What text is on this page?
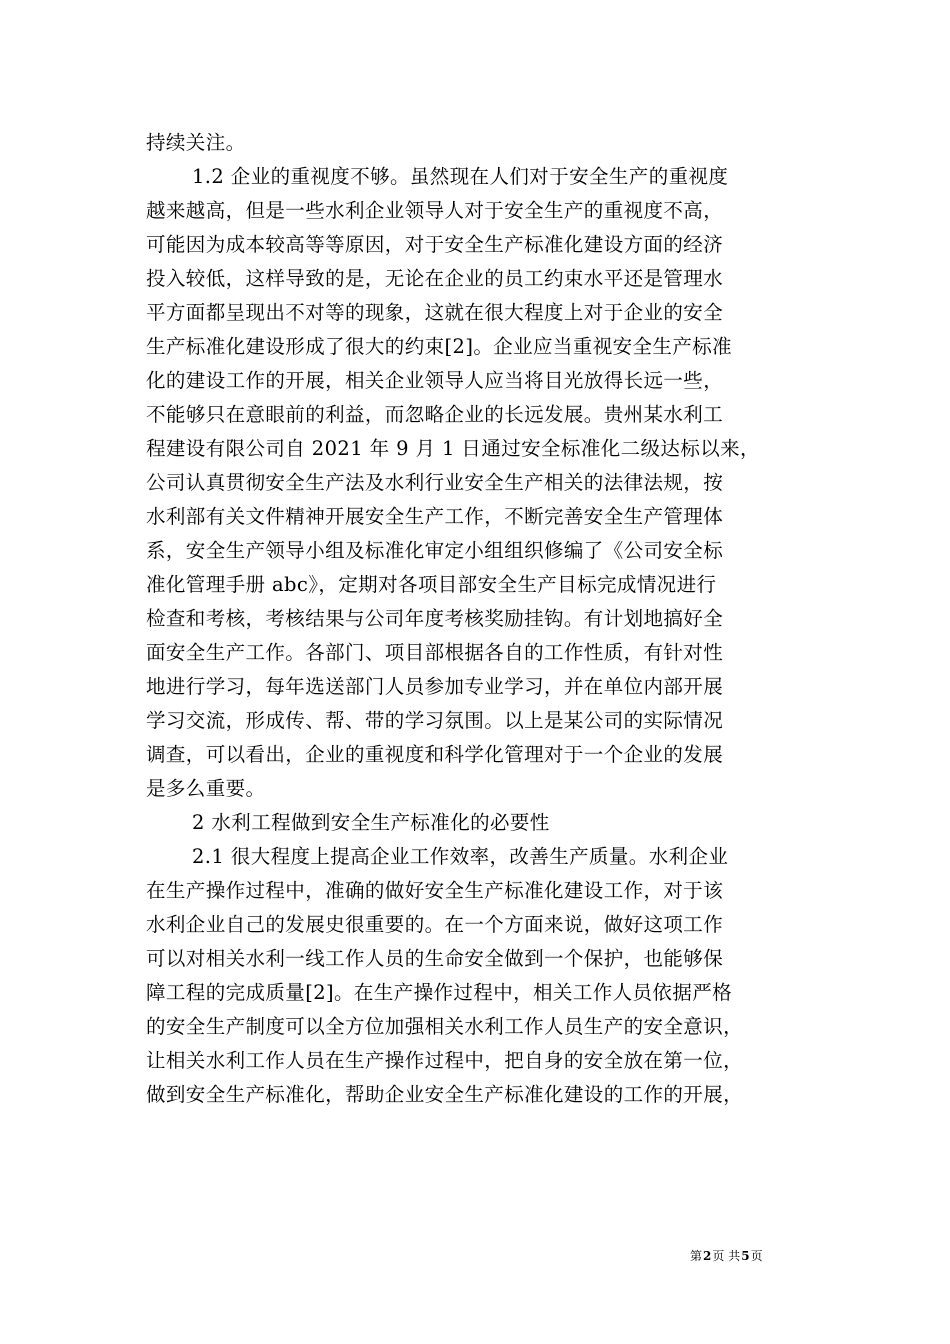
持续关注。
1.2 企业的重视度不够。虽然现在人们对于安全生产的重视度
越来越高，但是一些水利企业领导人对于安全生产的重视度不高，
可能因为成本较高等等原因，对于安全生产标准化建设方面的经济
投入较低，这样导致的是，无论在企业的员工约束水平还是管理水
平方面都呈现出不对等的现象，这就在很大程度上对于企业的安全
生产标准化建设形成了很大的约束[2]。企业应当重视安全生产标准
化的建设工作的开展，相关企业领导人应当将目光放得长远一些，
不能够只在意眼前的利益，而忽略企业的长远发展。贵州某水利工
程建设有限公司自 2021 年 9 月 1 日通过安全标准化二级达标以来，
公司认真贯彻安全生产法及水利行业安全生产相关的法律法规，按
水利部有关文件精神开展安全生产工作，不断完善安全生产管理体
系，安全生产领导小组及标准化审定小组组织修编了《公司安全标
准化管理手册 abc》，定期对各项目部安全生产目标完成情况进行
检查和考核，考核结果与公司年度考核奖励挂钩。有计划地搞好全
面安全生产工作。各部门、项目部根据各自的工作性质，有针对性
地进行学习，每年选送部门人员参加专业学习，并在单位内部开展
学习交流，形成传、帮、带的学习氛围。以上是某公司的实际情况
调查，可以看出，企业的重视度和科学化管理对于一个企业的发展
是多么重要。
2 水利工程做到安全生产标准化的必要性
2.1 很大程度上提高企业工作效率，改善生产质量。水利企业
在生产操作过程中，准确的做好安全生产标准化建设工作，对于该
水利企业自己的发展史很重要的。在一个方面来说，做好这项工作
可以对相关水利一线工作人员的生命安全做到一个保护，也能够保
障工程的完成质量[2]。在生产操作过程中，相关工作人员依据严格
的安全生产制度可以全方位加强相关水利工作人员生产的安全意识，
让相关水利工作人员在生产操作过程中，把自身的安全放在第一位，
做到安全生产标准化，帮助企业安全生产标准化建设的工作的开展，
第2页 共5页
